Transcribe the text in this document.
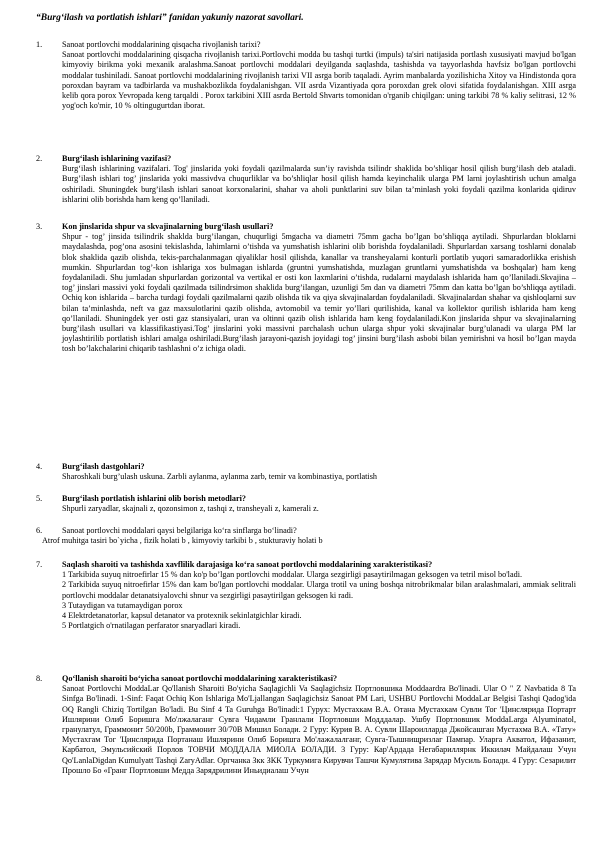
“Burg‘ilash va portlatish ishlari” fanidan yakuniy nazorat savollari.
1.	Sanoat portlovchi moddalarining qisqacha rivojlanish tarixi?
Sanoat portlovchi moddalarining qisqacha rivojlanish tarixi.Portlovchi modda bu tashqi turtki (impuls) ta'siri natijasida portlash xususiyati mavjud bo'lgan kimyoviy birikma yoki mexanik aralashma.Sanoat portlovchi moddalari deyilganda saqlashda, tashishda va tayyorlashda havfsiz bo'lgan portlovchi moddalar tushiniladi. Sanoat portlovchi moddalarining rivojlanish tarixi VII asrga borib taqaladi. Ayrim manbalarda yozilishicha Xitoy va Hindistonda qora poroxdan bayram va tadbirlarda va mushakbozlikda foydalanishgan. VII asrda Vizantiyada qora poroxdan grek olovi sifatida foydalanishgan. XIII asrga kelib qora porox Yevropada keng tarqaldi . Porox tarkibini XIII asrda Bertold Shvarts tomonidan o'rganib chiqilgan: uning tarkibi 78 % kaliy selitrasi, 12 % yog'och ko'mir, 10 % oltingugurtdan iborat.
2.	Burg‘ilash ishlarining vazifasi?
Burg‘ilash ishlarining vazifalari. Tog' jinslarida yoki foydali qazilmalarda sun’iy ravishda tsilindr shaklida bo’shliqar hosil qilish burg’ilash deb ataladi. Burg’ilash ishlari tog’ jinslarida yoki massivdva chuqurliklar va bo’shliqlar hosil qilish hamda keyinchalik ularga PM larni joylashtirish uchun amalga oshiriladi. Shuningdek burg’ilash ishlari sanoat korxonalarini, shahar va aholi punktlarini suv bilan ta’minlash yoki foydali qazilma konlarida qidiruv ishlarini olib borishda ham keng qo’llaniladi.
3.	Kon jinslarida shpur va skvajinalarning burg‘ilash usullari?
Shpur - tog’ jinsida tsilindrik shaklda burg’ilangan, chuqurligi 5mgacha va diametri 75mm gacha bo’lgan bo’shliqqa aytiladi. Shpurlardan bloklarni maydalashda, pog’ona asosini tekislashda, lahimlarni o’tishda va yumshatish ishlarini olib borishda foydalaniladi. Shpurlardan xarsang toshlarni donalab blok shaklida qazib olishda, tekis-parchalanmagan qiyaliklar hosil qilishda, kanallar va transheyalarni konturli portlatib yuqori samaradorlikka erishish mumkin. Shpurlardan tog’-kon ishlariga xos bulmagan ishlarda (gruntni yumshatishda, muzlagan gruntlarni yumshatishda va boshqalar) ham keng foydalaniladi. Shu jumladan shpurlardan gorizontal va vertikal er osti kon laxmlarini o’tishda, rudalarni maydalash ishlarida ham qo’llaniladi.Skvajina – tog’ jinslari massivi yoki foydali qazilmada tsilindrsimon shaklida burg’ilangan, uzunligi 5m dan va diametri 75mm dan katta bo’lgan bo’shliqqa aytiladi. Ochiq kon ishlarida – barcha turdagi foydali qazilmalarni qazib olishda tik va qiya skvajinalardan foydalaniladi. Skvajinalardan shahar va qishloqlarni suv bilan ta’minlashda, neft va gaz maxsulotlarini qazib olishda, avtomobil va temir yo’llari qurilishida, kanal va kollektor qurilish ishlarida ham keng qo’llaniladi. Shuningdek yer osti gaz stansiyalari, uran va oltinni qazib olish ishlarida ham keng foydalaniladi.Kon jinslarida shpur va skvajinalarning burg’ilash usullari va klassifikastiyasi.Tog’ jinslarini yoki massivni parchalash uchun ularga shpur yoki skvajinalar burg’ulanadi va ularga PM lar joylashtirilib portlatish ishlari amalga oshiriladi.Burg’ilash jarayoni-qazish joyidagi tog’ jinsini burg’ilash asbobi bilan yemirishni va hosil bo’lgan mayda tosh bo’lakchalarini chiqarib tashlashni o’z ichiga oladi.
4.	Burg‘ilash dastgohlari?
Sharoshkali burg’ulash uskuna. Zarbli aylanma, aylanma zarb, temir va kombinastiya, portlatish
5.	Burg‘ilash portlatish ishlarini olib borish metodlari?
Shpurli zaryadlar, skajnali z, qozonsimon z, tashqi z, transheyali z, kamerali z.
6.	Sanoat portlovchi moddalari qaysi belgilariga ko‘ra sinflarga bo‘linadi?
Atrof muhitga tasiri bo`yicha , fizik holati b , kimyoviy tarkibi b , stukturaviy holati b
7.	Saqlash sharoiti va tashishda xavflilik darajasiga ko‘ra sanoat portlovchi moddalarining xarakteristikasi?
1 Tarkibida suyuq nitroefirlar 15 % dan ko'p bo’lgan portlovchi moddalar. Ularga sezgirligi pasaytirilmagan geksogen va tetril misol bo'ladi.
2 Tarkibida suyuq nitroefirlar 15% dan kam bo'lgan portlovchi moddalar. Ularga trotil va uning boshqa nitrobrikmalar bilan aralashmalari, ammiak selitrali portlovchi moddalar detanatsiyalovchi shnur va sezgirligi pasaytirilgan geksogen ki radi.
3 Tutaydigan va tutamaydigan porox
4 Elektrdetanatorlar, kapsul detanator va protexnik sekinlatgichlar kiradi.
5 Portlatgich o'rnatilagan perfarator snaryadlari kiradi.
8.	Qo‘llanish sharoiti bo‘yicha sanoat portlovchi moddalarining xarakteristikasi?
Sanoat Portlovchi ModdaLar Qo'llanish Sharoiti Bo'yicha Saqlagichli Va Saqlagichsiz Портловшика Moddaardra Bo'linadi. Ular O " Z Navbatida 8 Ta Sinfga Bo'linadi. 1-Sinf: Faqat Ochiq Kon Ishlariga Mo'Ljallangan Saqlagichsiz Sanoat PM Lari, USHBU Portlovchi ModdaLar Belgisi Tashqi Qadog'ida OQ Rangli Chiziq Tortilgan Bo'ladi. Bu Sinf 4 Ta Guruhga Bo'linadi:1 Гурух: Мустахкам В.А. Отана Мустахкам Сувли Тог 'Цинсляридa Портарт Ишлярини Олиб Боришга Мо'лжалаганг Сувга Чидамли Гранлали Портловши Модддалар. Ушбу Портловшик ModdaLarga Alyuminatol, гранулатул, Граммонит 50/200b, Граммонит 30/70B Мишил Болади. 2 Гуру: Курия В. А. Сувли Шароилларда Джойсашган Мустахма В.А. «Тату» Мустахгам Тог 'Цинслярида Портанаш Ишлярини Олиб Боришга Мо'лажалалганг, Сувга-Тышнищризлаг Пампар. Уларга Акватол, Ифазанит, Карбатол, Эмульсийский Порлов ТОВЧИ МОДДАЛА МИОЛА БОЛАДИ. 3 Гуру: Кар'Ардада Негабариллярнк Иккилач Майдалаш Учун Qo'LanlaDigdan Kumulyatt Tashqi ZaryAdlar. Оргчанка Зкк ЗКК Туркумига Кирувчи Ташчи Кумулятива Зарядар Мусиль Болади. 4 Гуру: Сезарилит Прошло Бо «Гранг Портловши Медда Зарядрилини Иньидиалаш Учун
